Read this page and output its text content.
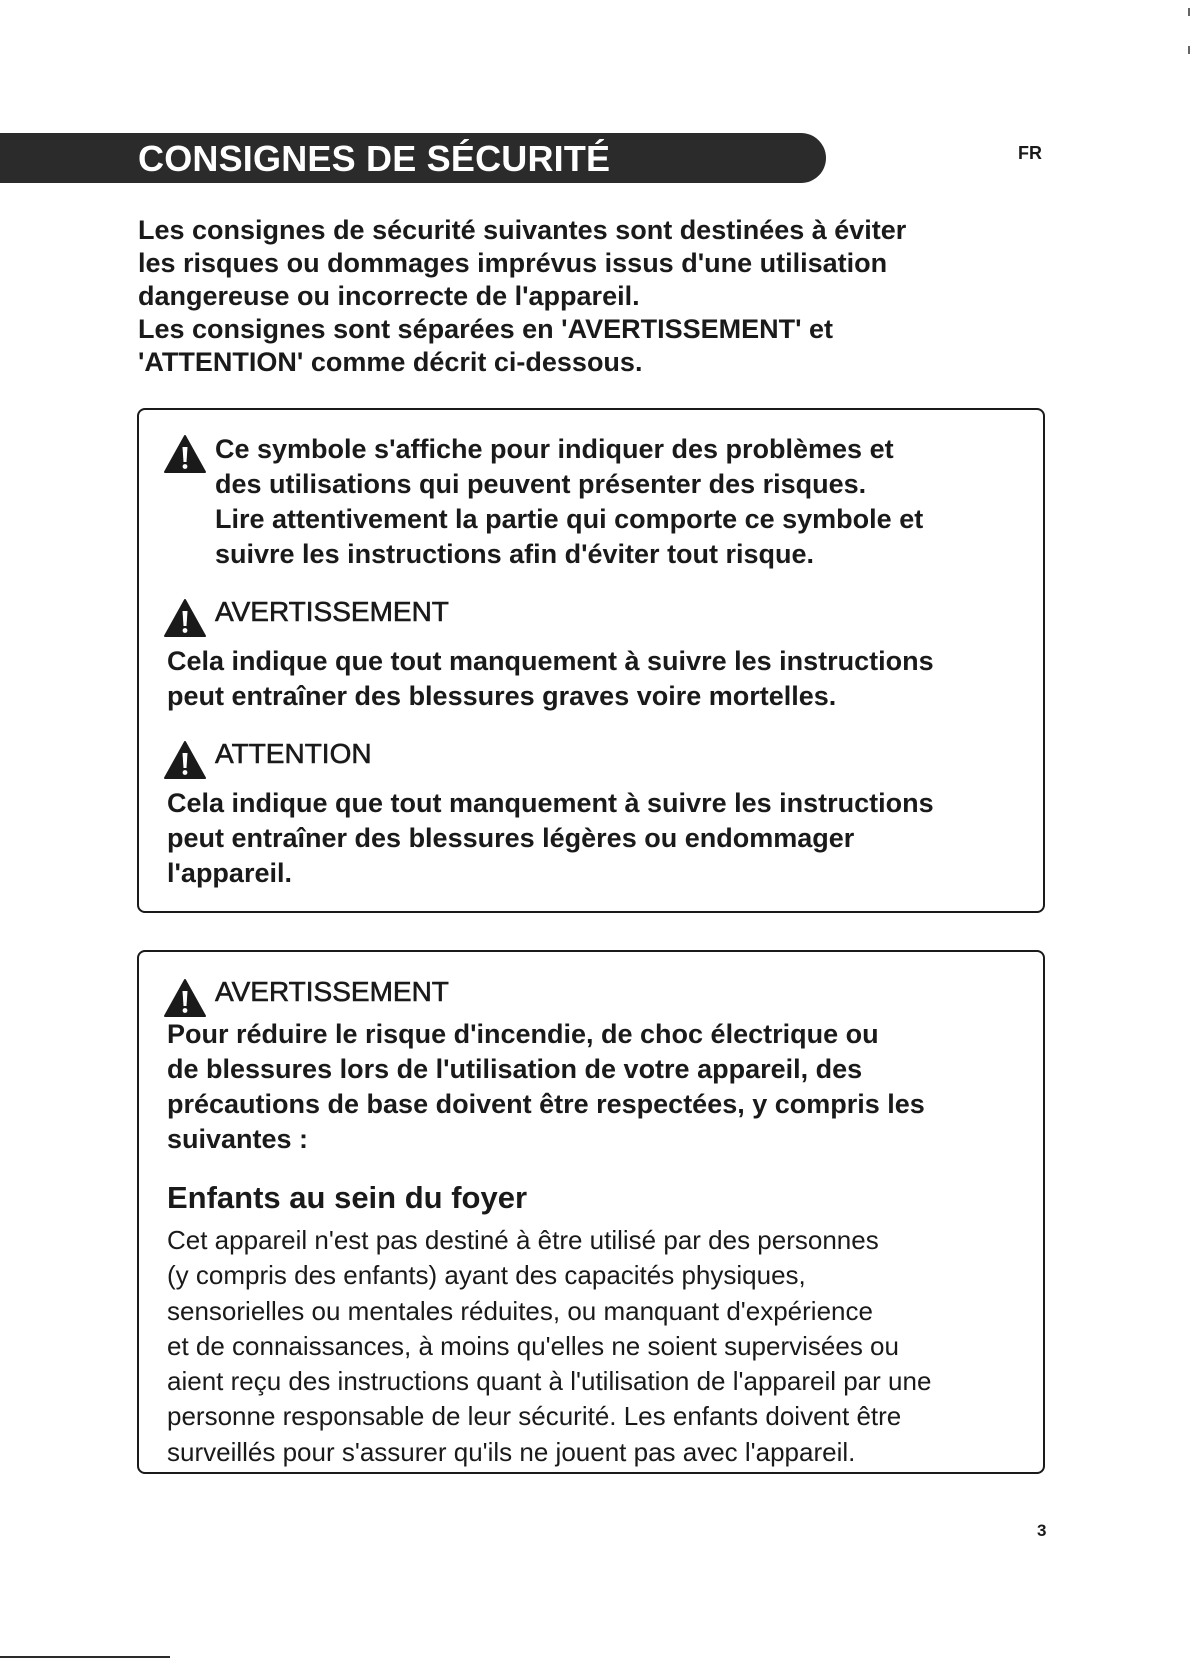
CONSIGNES DE SÉCURITÉ	FR
Les consignes de sécurité suivantes sont destinées à éviter
les risques ou dommages imprévus issus d'une utilisation
dangereuse ou incorrecte de l'appareil.
Les consignes sont séparées en 'AVERTISSEMENT' et
'ATTENTION' comme décrit ci-dessous.
Ce symbole s'affiche pour indiquer des problèmes et
des utilisations qui peuvent présenter des risques.
Lire attentivement la partie qui comporte ce symbole et
suivre les instructions afin d'éviter tout risque.
AVERTISSEMENT
Cela indique que tout manquement à suivre les instructions
peut entraîner des blessures graves voire mortelles.
ATTENTION
Cela indique que tout manquement à suivre les instructions
peut entraîner des blessures légères ou endommager
l'appareil.
AVERTISSEMENT
Pour réduire le risque d'incendie, de choc électrique ou
de blessures lors de l'utilisation de votre appareil, des
précautions de base doivent être respectées, y compris les
suivantes :
Enfants au sein du foyer
Cet appareil n'est pas destiné à être utilisé par des personnes
(y compris des enfants) ayant des capacités physiques,
sensorielles ou mentales réduites, ou manquant d'expérience
et de connaissances, à moins qu'elles ne soient supervisées ou
aient reçu des instructions quant à l'utilisation de l'appareil par une
personne responsable de leur sécurité. Les enfants doivent être
surveillés pour s'assurer qu'ils ne jouent pas avec l'appareil.
3
